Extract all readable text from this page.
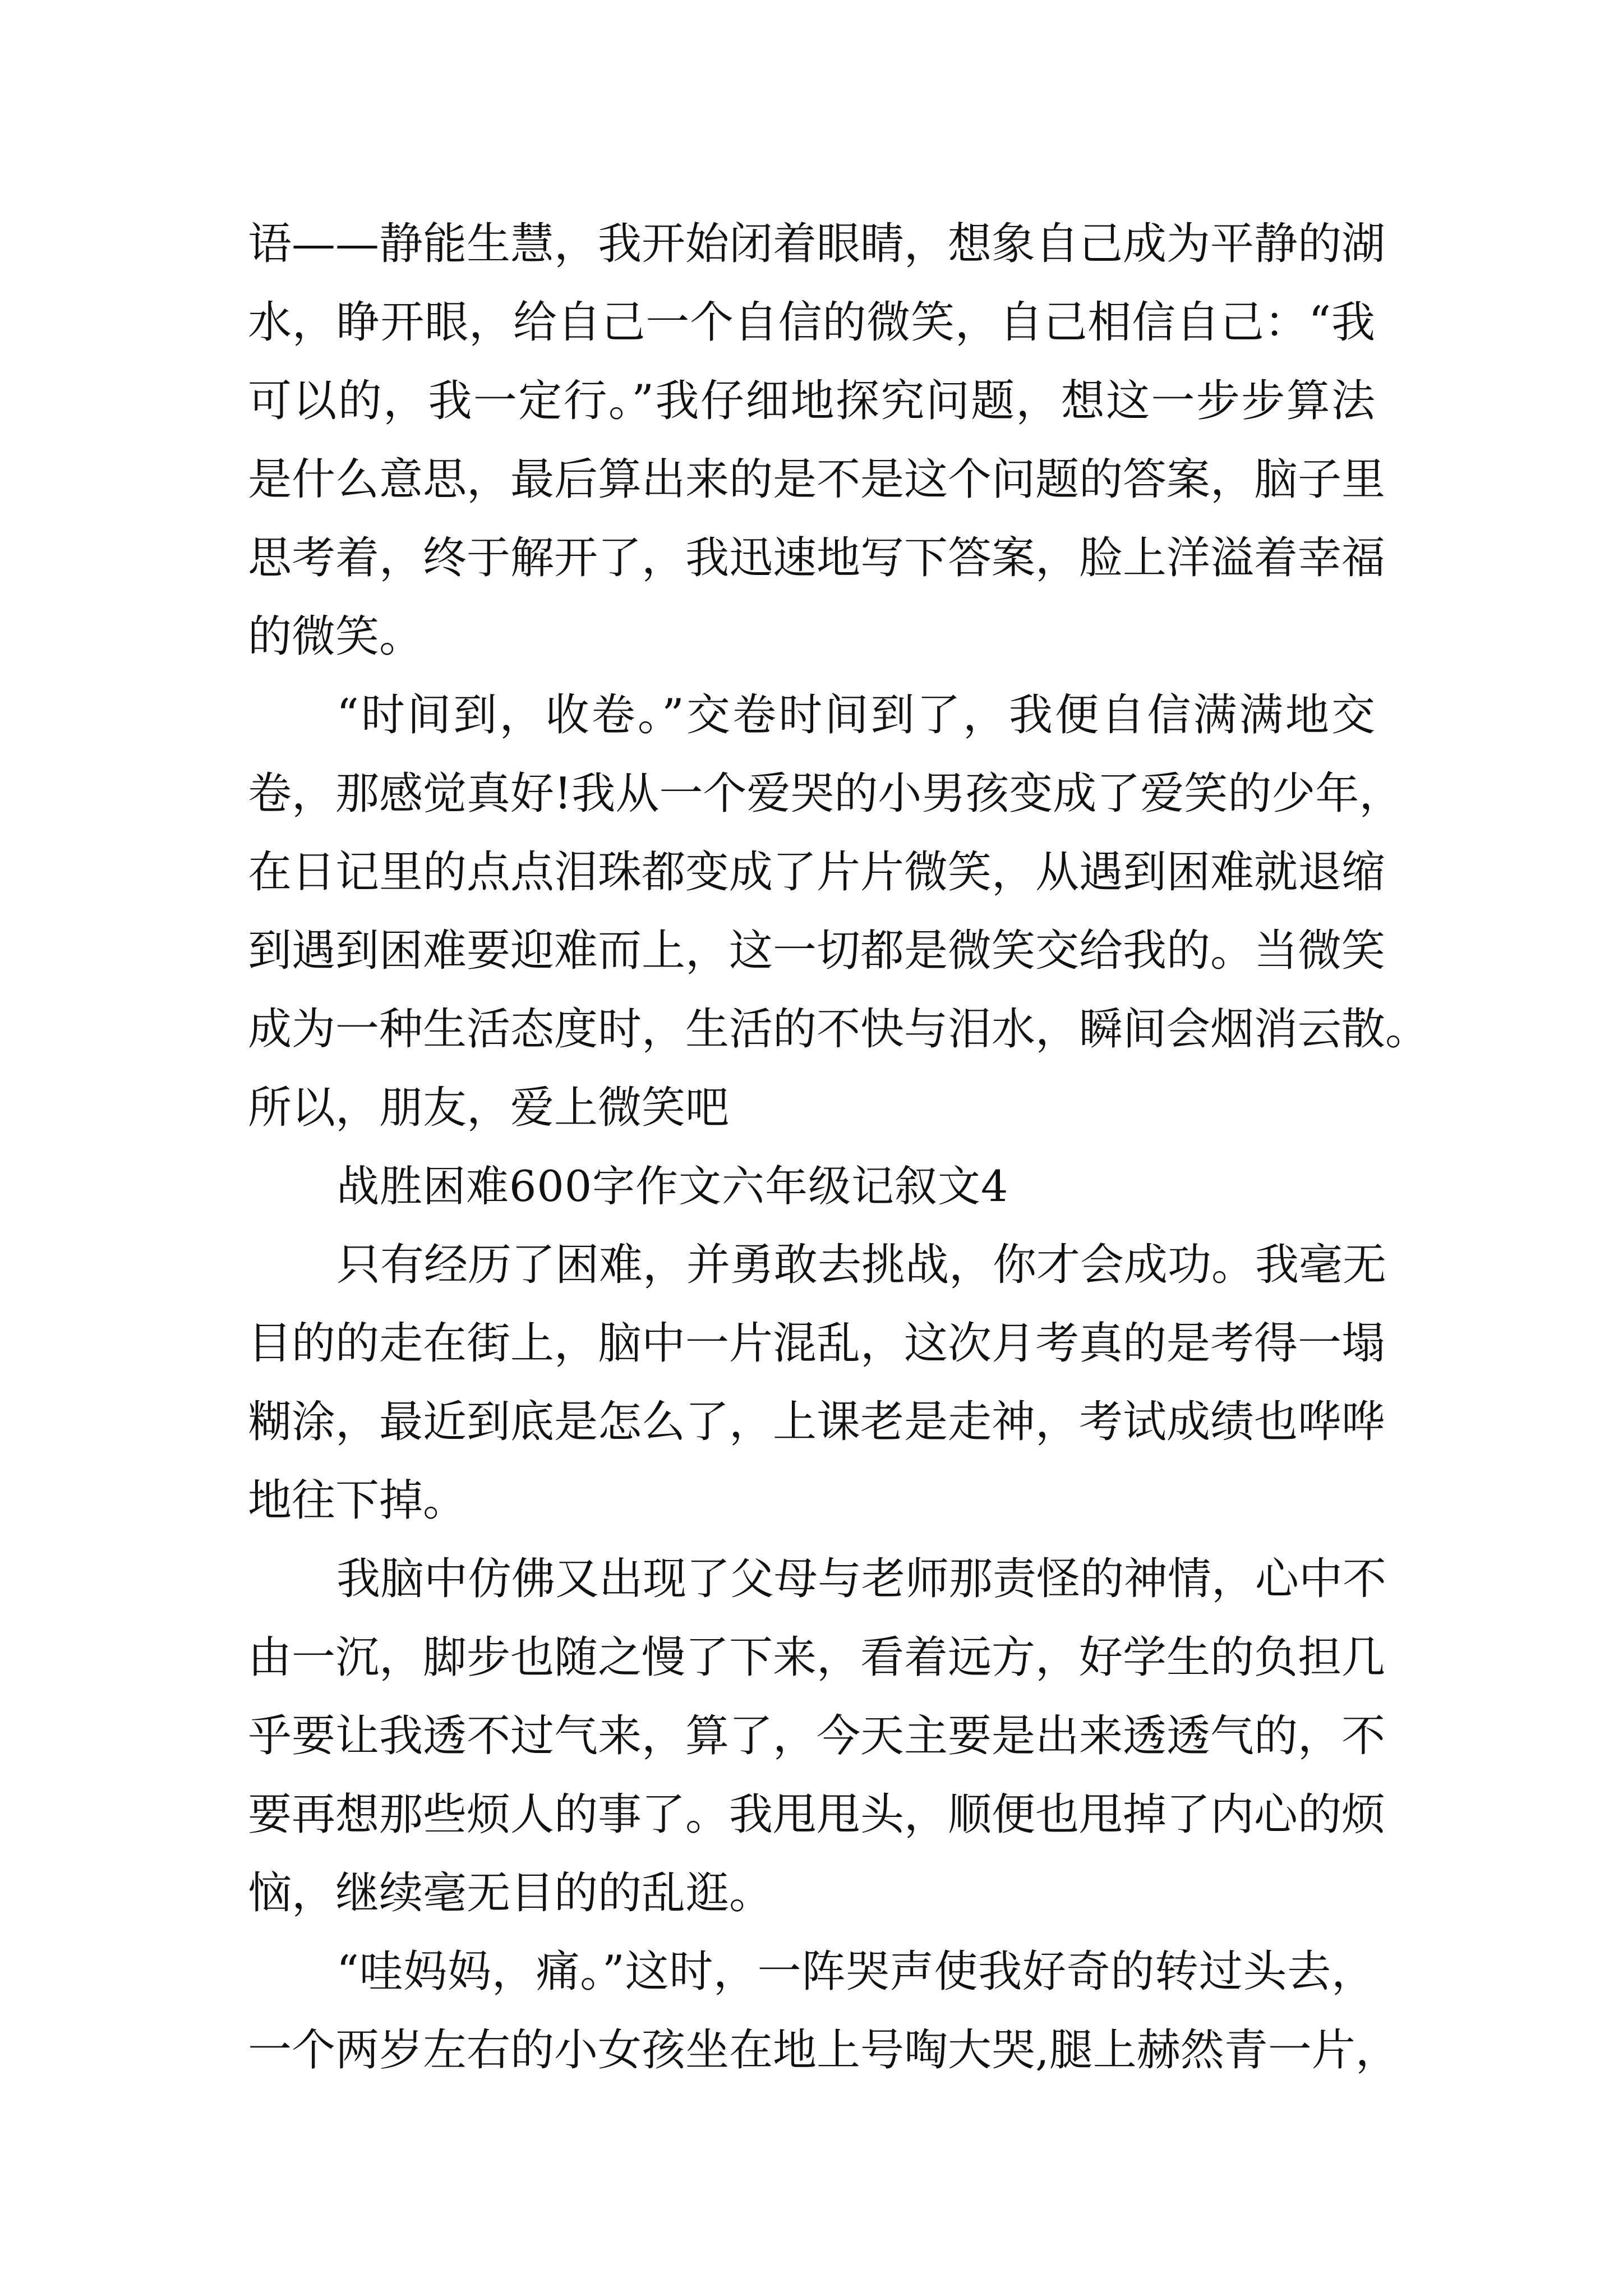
语——静能生慧，我开始闭着眼睛，想象自己成为平静的湖
水，睁开眼，给自己一个自信的微笑，自己相信自己：“我
可以的，我一定行。”我仔细地探究问题，想这一步步算法
是什么意思，最后算出来的是不是这个问题的答案，脑子里
思考着，终于解开了，我迅速地写下答案，脸上洋溢着幸福
的微笑。
“时间到，收卷。”交卷时间到了，我便自信满满地交
卷，那感觉真好!我从一个爱哭的小男孩变成了爱笑的少年，
在日记里的点点泪珠都变成了片片微笑，从遇到困难就退缩
到遇到困难要迎难而上，这一切都是微笑交给我的。当微笑
成为一种生活态度时，生活的不快与泪水，瞬间会烟消云散。
所以，朋友，爱上微笑吧
战胜困难600字作文六年级记叙文4
只有经历了困难，并勇敢去挑战，你才会成功。我毫无
目的的走在街上，脑中一片混乱，这次月考真的是考得一塌
糊涂，最近到底是怎么了，上课老是走神，考试成绩也哗哗
地往下掉。
我脑中仿佛又出现了父母与老师那责怪的神情，心中不
由一沉，脚步也随之慢了下来，看着远方，好学生的负担几
乎要让我透不过气来，算了，今天主要是出来透透气的，不
要再想那些烦人的事了。我甩甩头，顺便也甩掉了内心的烦
恼，继续毫无目的的乱逛。
“哇妈妈，痛。”这时，一阵哭声使我好奇的转过头去，
一个两岁左右的小女孩坐在地上号啕大哭,腿上赫然青一片，
